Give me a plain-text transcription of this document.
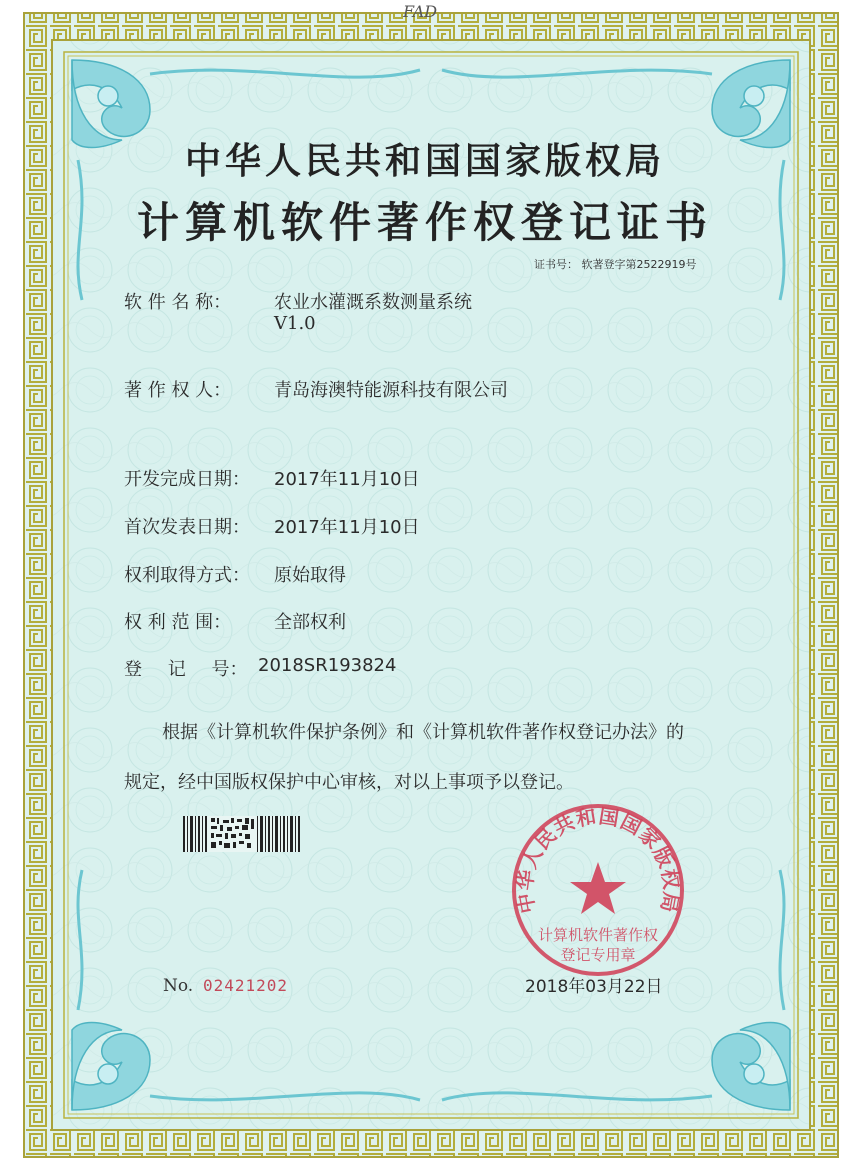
FAD
中华人民共和国国家版权局
计算机软件著作权登记证书
证书号： 软著登字第2522919号
软 件 名 称： 农业水灌溉系数测量系统
V1.0
著 作 权 人： 青岛海澳特能源科技有限公司
开发完成日期： 2017年11月10日
首次发表日期： 2017年11月10日
权利取得方式： 原始取得
权 利 范 围： 全部权利
登 记 号： 2018SR193824
根据《计算机软件保护条例》和《计算机软件著作权登记办法》的
规定，经中国版权保护中心审核，对以上事项予以登记。
No. 02421202	2018年03月22日
中华人民共和国国家版权局
计算机软件著作权
登记专用章
